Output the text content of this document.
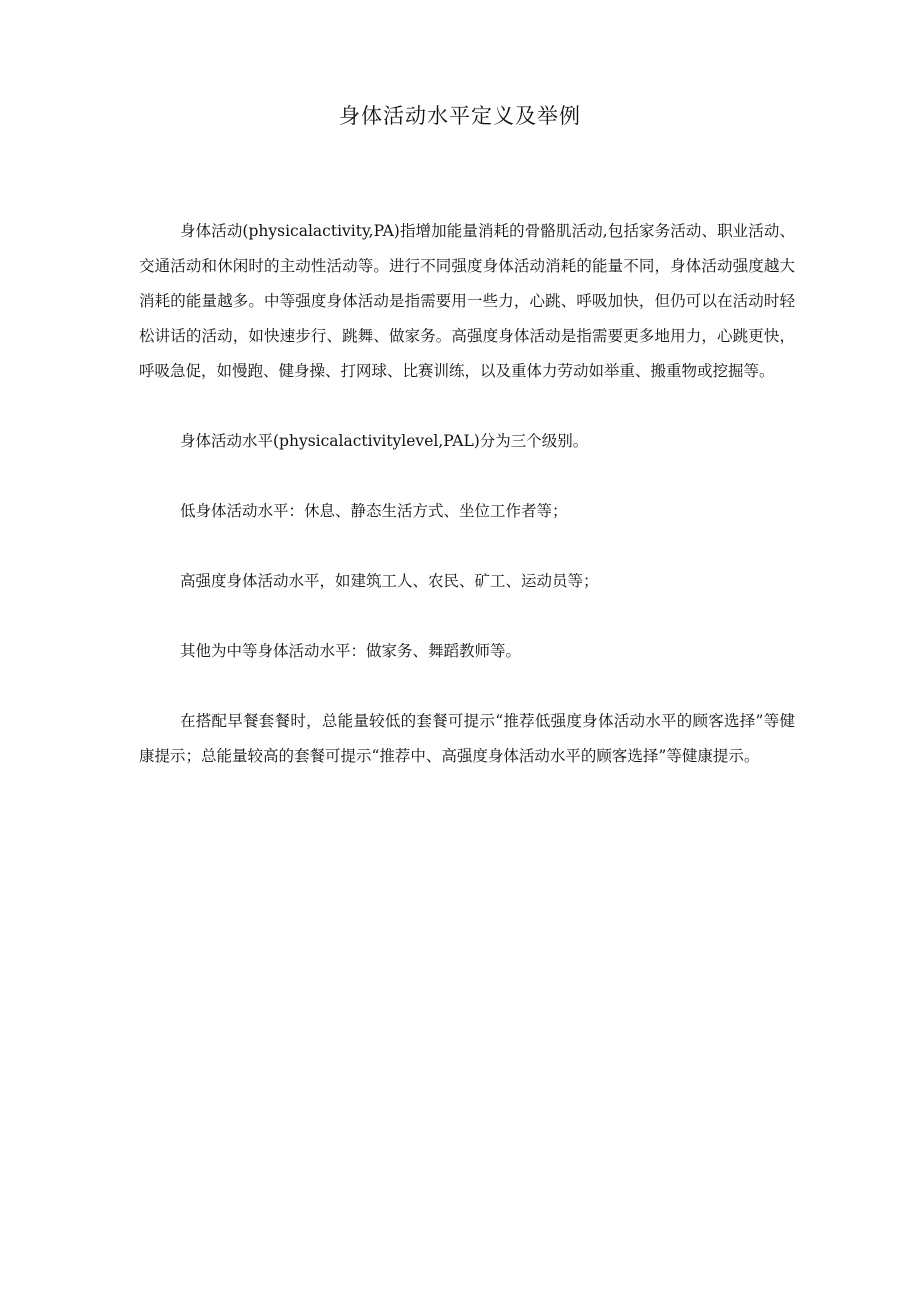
身体活动水平定义及举例

身体活动(physicalactivity,PA)指增加能量消耗的骨骼肌活动,包括家务活动、职业活动、交通活动和休闲时的主动性活动等。进行不同强度身体活动消耗的能量不同，身体活动强度越大消耗的能量越多。中等强度身体活动是指需要用一些力，心跳、呼吸加快，但仍可以在活动时轻松讲话的活动，如快速步行、跳舞、做家务。高强度身体活动是指需要更多地用力，心跳更快，呼吸急促，如慢跑、健身操、打网球、比赛训练，以及重体力劳动如举重、搬重物或挖掘等。

身体活动水平(physicalactivitylevel,PAL)分为三个级别。

低身体活动水平：休息、静态生活方式、坐位工作者等；

高强度身体活动水平，如建筑工人、农民、矿工、运动员等；

其他为中等身体活动水平：做家务、舞蹈教师等。

在搭配早餐套餐时，总能量较低的套餐可提示“推荐低强度身体活动水平的顾客选择”等健康提示；总能量较高的套餐可提示“推荐中、高强度身体活动水平的顾客选择”等健康提示。
